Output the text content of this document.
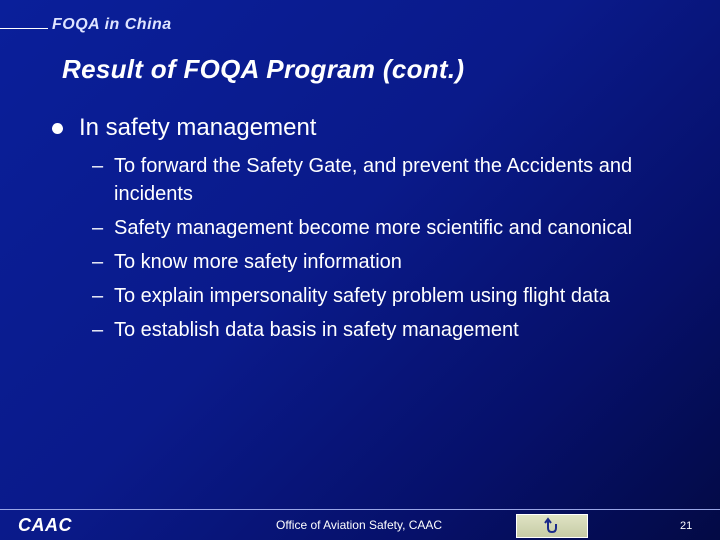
FOQA in China
Result of FOQA Program (cont.)
In safety management
– To forward the Safety Gate, and prevent the Accidents and incidents
– Safety management become more scientific and canonical
– To know more safety information
– To explain impersonality safety problem using flight data
– To establish data basis in safety management
CAAC	Office of Aviation Safety, CAAC	21
